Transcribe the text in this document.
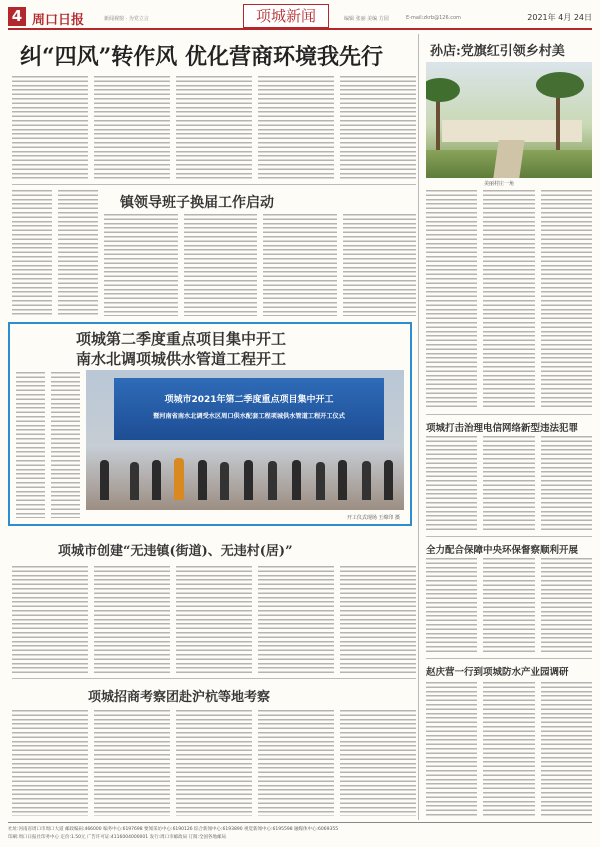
4 周口日报	新闻视窗 · 为党立言	编辑 张丽 美编 方园	E-mail:zkrb@126.com
项城新闻	2021年 4月 24日
纠“四风”转作风 优化营商环境我先行
镇领导班子换届工作启动
项城第二季度重点项目集中开工
南水北调项城供水管道工程开工
项城市2021年第二季度重点项目集中开工
暨河南省南水北调受水区周口供水配套工程项城供水管道工程开工仪式
开工仪式现场 王绵印 摄
项城市创建“无违镇(街道)、无违村(居)”
项城招商考察团赴沪杭等地考察
孙店:党旗红引领乡村美
美丽村庄一角
项城打击治理电信网络新型违法犯罪
全力配合保障中央环保督察顺利开展
赵庆营一行到项城防水产业园调研
社址:河南省周口市周口大道 邮政编码:466000 编务中心:6197698 要闻采访中心:6190126 综合新闻中心:6193890 视觉新闻中心:6195598 融媒体中心:6069355
印刷:周口日报社印务中心 定价:1.50元 广告许可证:4116004000001 发行:周口市邮政局 订阅:全国各地邮局
